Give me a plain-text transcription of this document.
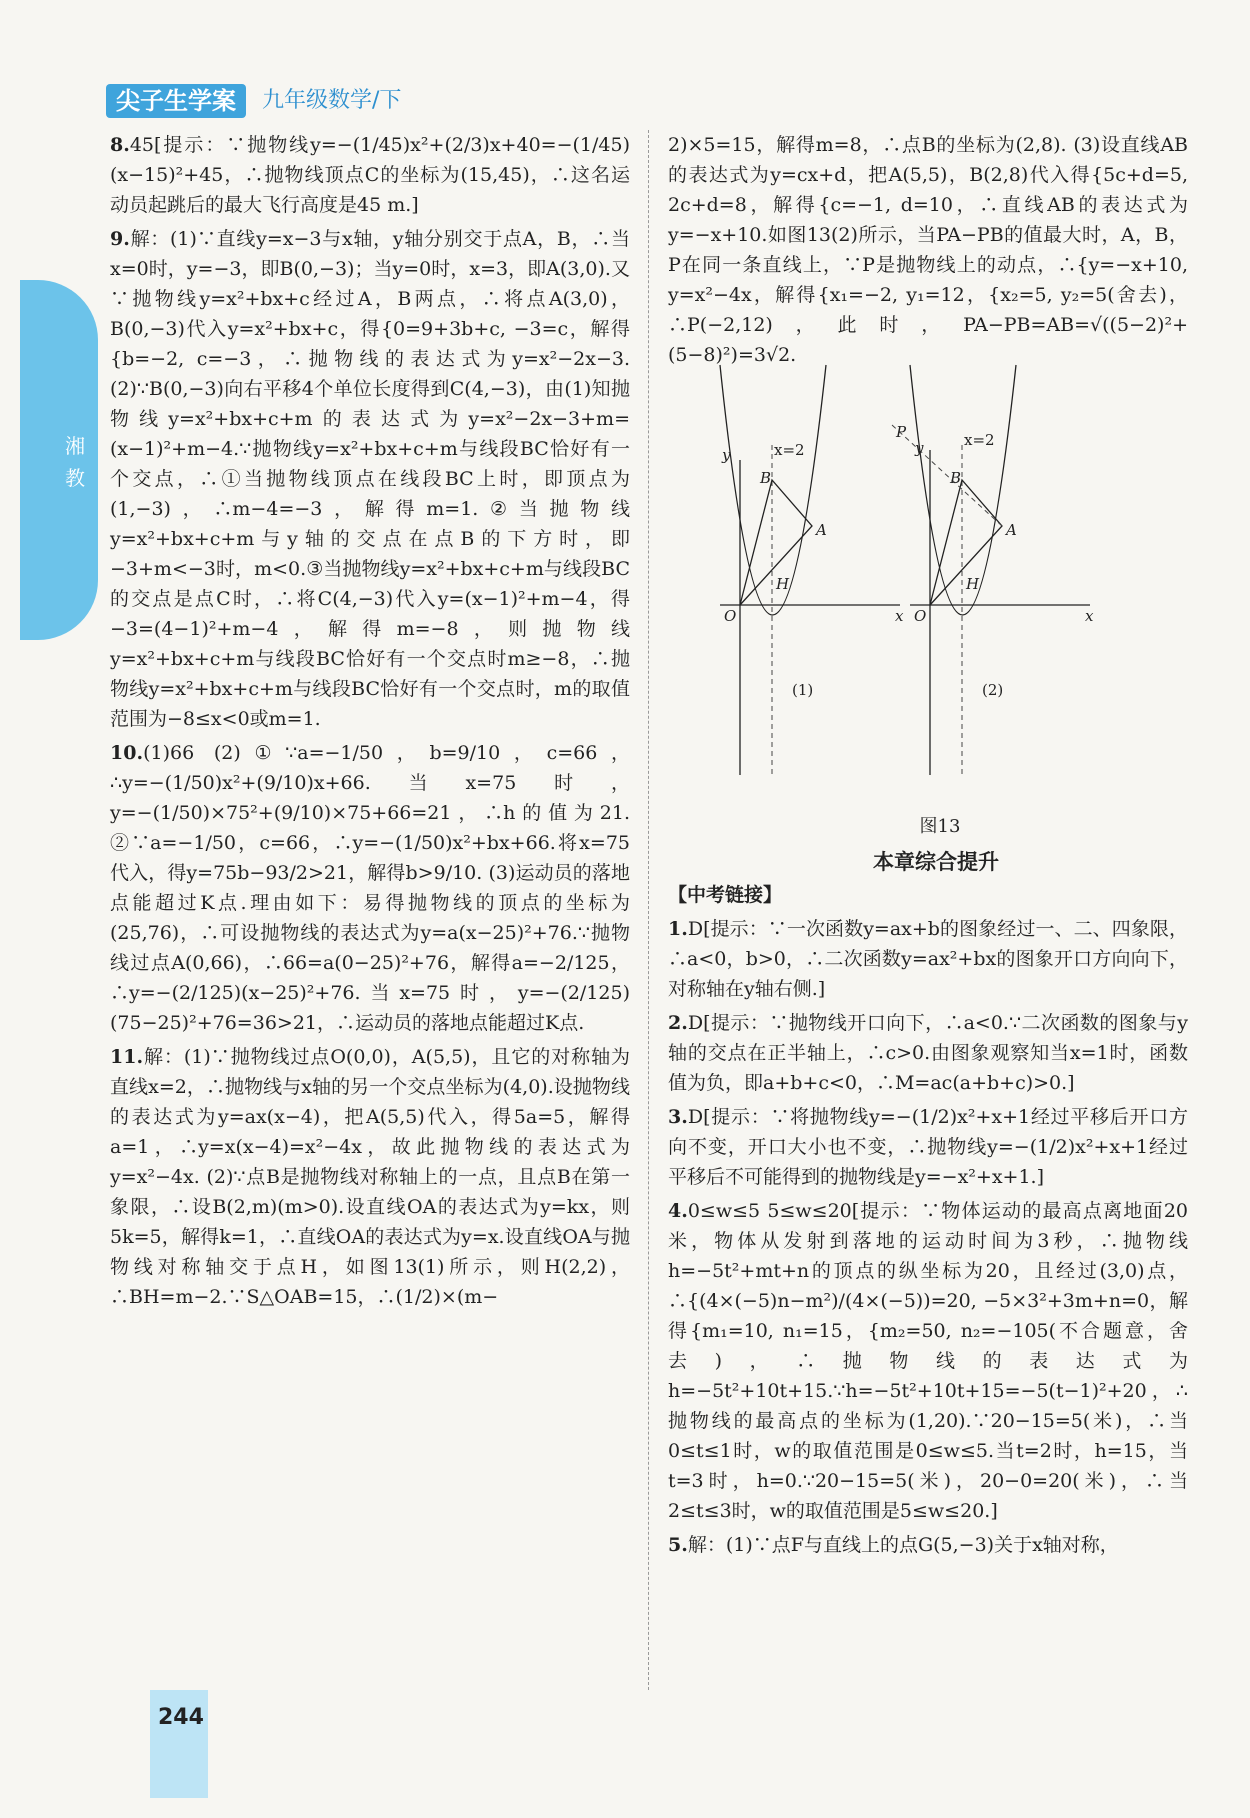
湘教
尖子生学案	九年级数学/下

8.45[提示：∵抛物线y=−(1/45)x²+(2/3)x+40=−(1/45)(x−15)²+45，∴抛物线顶点C的坐标为(15,45)，∴这名运动员起跳后的最大飞行高度是45 m.]

9.解：(1)∵直线y=x−3与x轴，y轴分别交于点A，B，∴当x=0时，y=−3，即B(0,−3)；当y=0时，x=3，即A(3,0).又∵抛物线y=x²+bx+c经过A，B两点，∴将点A(3,0)，B(0,−3)代入y=x²+bx+c，得{0=9+3b+c, −3=c，解得{b=−2, c=−3，∴抛物线的表达式为y=x²−2x−3. (2)∵B(0,−3)向右平移4个单位长度得到C(4,−3)，由(1)知抛物线y=x²+bx+c+m的表达式为y=x²−2x−3+m=(x−1)²+m−4.∵抛物线y=x²+bx+c+m与线段BC恰好有一个交点，∴①当抛物线顶点在线段BC上时，即顶点为(1,−3)，∴m−4=−3，解得m=1.②当抛物线y=x²+bx+c+m与y轴的交点在点B的下方时，即−3+m<−3时，m<0.③当抛物线y=x²+bx+c+m与线段BC的交点是点C时，∴将C(4,−3)代入y=(x−1)²+m−4，得−3=(4−1)²+m−4，解得m=−8，则抛物线y=x²+bx+c+m与线段BC恰好有一个交点时m≥−8，∴抛物线y=x²+bx+c+m与线段BC恰好有一个交点时，m的取值范围为−8≤x<0或m=1.

10.(1)66 (2)①∵a=−1/50，b=9/10，c=66，∴y=−(1/50)x²+(9/10)x+66.当x=75时，y=−(1/50)×75²+(9/10)×75+66=21，∴h的值为21. ②∵a=−1/50，c=66，∴y=−(1/50)x²+bx+66.将x=75代入，得y=75b−93/2>21，解得b>9/10. (3)运动员的落地点能超过K点.理由如下：易得抛物线的顶点的坐标为(25,76)，∴可设抛物线的表达式为y=a(x−25)²+76.∵抛物线过点A(0,66)，∴66=a(0−25)²+76，解得a=−2/125，∴y=−(2/125)(x−25)²+76.当x=75时，y=−(2/125)(75−25)²+76=36>21，∴运动员的落地点能超过K点.

11.解：(1)∵抛物线过点O(0,0)，A(5,5)，且它的对称轴为直线x=2，∴抛物线与x轴的另一个交点坐标为(4,0).设抛物线的表达式为y=ax(x−4)，把A(5,5)代入，得5a=5，解得a=1，∴y=x(x−4)=x²−4x，故此抛物线的表达式为y=x²−4x. (2)∵点B是抛物线对称轴上的一点，且点B在第一象限，∴设B(2,m)(m>0).设直线OA的表达式为y=kx，则5k=5，解得k=1，∴直线OA的表达式为y=x.设直线OA与抛物线对称轴交于点H，如图13(1)所示，则H(2,2)，∴BH=m−2.∵S△OAB=15，∴(1/2)×(m−

2)×5=15，解得m=8，∴点B的坐标为(2,8). (3)设直线AB的表达式为y=cx+d，把A(5,5)，B(2,8)代入得{5c+d=5, 2c+d=8，解得{c=−1, d=10，∴直线AB的表达式为y=−x+10.如图13(2)所示，当PA−PB的值最大时，A，B，P在同一条直线上，∵P是抛物线上的动点，∴{y=−x+10, y=x²−4x，解得{x₁=−2, y₁=12，{x₂=5, y₂=5(舍去)，∴P(−2,12)，此时，PA−PB=AB=√((5−2)²+(5−8)²)=3√2.

O	x
y	x=2
B
A
H
(1)
O	x
y	x=2
B
A
H
P
(2)
图13
本章综合提升

【中考链接】

1.D[提示：∵一次函数y=ax+b的图象经过一、二、四象限，∴a<0，b>0，∴二次函数y=ax²+bx的图象开口方向向下，对称轴在y轴右侧.]

2.D[提示：∵抛物线开口向下，∴a<0.∵二次函数的图象与y轴的交点在正半轴上，∴c>0.由图象观察知当x=1时，函数值为负，即a+b+c<0，∴M=ac(a+b+c)>0.]

3.D[提示：∵将抛物线y=−(1/2)x²+x+1经过平移后开口方向不变，开口大小也不变，∴抛物线y=−(1/2)x²+x+1经过平移后不可能得到的抛物线是y=−x²+x+1.]

4.0≤w≤5 5≤w≤20[提示：∵物体运动的最高点离地面20米，物体从发射到落地的运动时间为3秒，∴抛物线h=−5t²+mt+n的顶点的纵坐标为20，且经过(3,0)点，∴{(4×(−5)n−m²)/(4×(−5))=20, −5×3²+3m+n=0，解得{m₁=10, n₁=15，{m₂=50, n₂=−105(不合题意，舍去)，∴抛物线的表达式为h=−5t²+10t+15.∵h=−5t²+10t+15=−5(t−1)²+20，∴抛物线的最高点的坐标为(1,20).∵20−15=5(米)，∴当0≤t≤1时，w的取值范围是0≤w≤5.当t=2时，h=15，当t=3时，h=0.∵20−15=5(米)，20−0=20(米)，∴当2≤t≤3时，w的取值范围是5≤w≤20.]

5.解：(1)∵点F与直线上的点G(5,−3)关于x轴对称，

244
